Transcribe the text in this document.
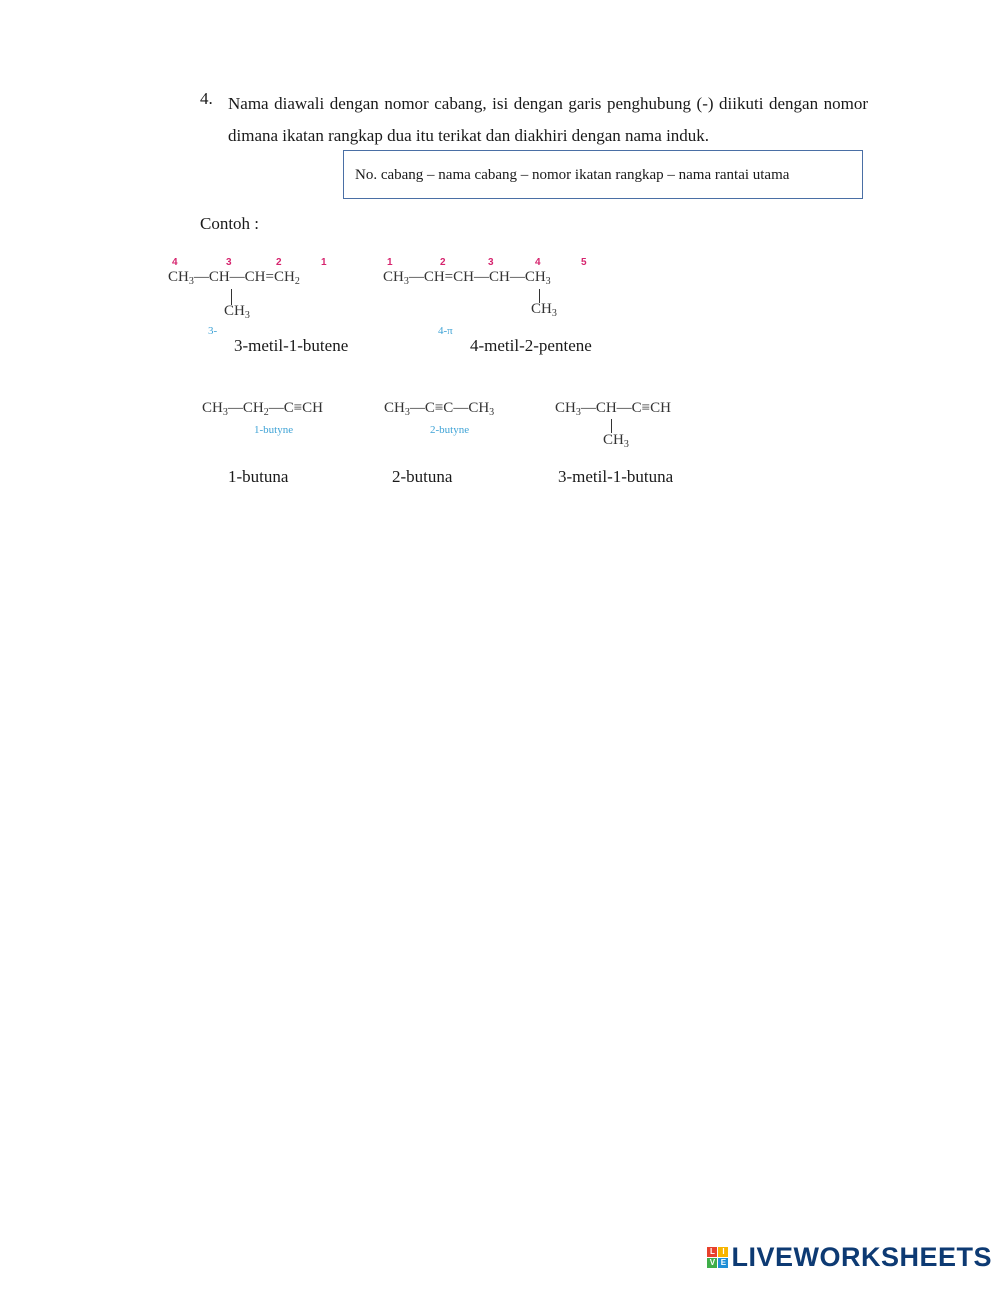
4. Nama diawali dengan nomor cabang, isi dengan garis penghubung (-) diikuti dengan nomor dimana ikatan rangkap dua itu terikat dan diakhiri dengan nama induk.
No. cabang – nama cabang – nomor ikatan rangkap – nama rantai utama
Contoh :
4	3	2	1
$CH_3—CH—CH=CH_2$
$CH_3$
3-
3-metil-1-butene
1	2	3	4	5
$CH_3—CH=CH—CH—CH_3$
$CH_3$
4-π
4-metil-2-pentene
$CH_3—CH_2—C\equiv CH$
1-butyne
1-butuna
$CH_3—C\equiv C—CH_3$
2-butyne
2-butuna
$CH_3—CH—C\equiv CH$
$CH_3$
3-metil-1-butuna
L I
V E LIVEWORKSHEETS
